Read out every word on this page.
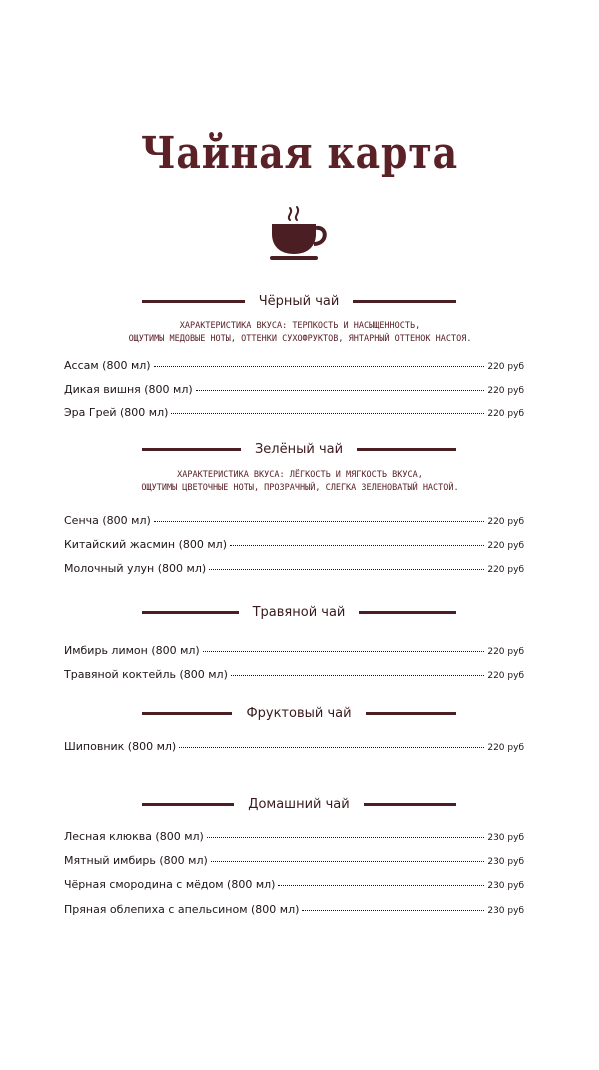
Чайная карта
Чёрный чай
ХАРАКТЕРИСТИКА ВКУСА: ТЕРПКОСТЬ И НАСЫЩЕННОСТЬ,
ОЩУТИМЫ МЕДОВЫЕ НОТЫ, ОТТЕНКИ СУХОФРУКТОВ, ЯНТАРНЫЙ ОТТЕНОК НАСТОЯ.
Ассам (800 мл)	220 руб
Дикая вишня (800 мл)	220 руб
Эра Грей (800 мл)	220 руб
Зелёный чай
ХАРАКТЕРИСТИКА ВКУСА: ЛЁГКОСТЬ И МЯГКОСТЬ ВКУСА,
ОЩУТИМЫ ЦВЕТОЧНЫЕ НОТЫ, ПРОЗРАЧНЫЙ, СЛЕГКА ЗЕЛЕНОВАТЫЙ НАСТОЙ.
Сенча (800 мл)	220 руб
Китайский жасмин (800 мл)	220 руб
Молочный улун (800 мл)	220 руб
Травяной чай
Имбирь лимон (800 мл)	220 руб
Травяной коктейль (800 мл)	220 руб
Фруктовый чай
Шиповник (800 мл)	220 руб
Домашний чай
Лесная клюква (800 мл)	230 руб
Мятный имбирь (800 мл)	230 руб
Чёрная смородина с мёдом (800 мл)	230 руб
Пряная облепиха с апельсином (800 мл)	230 руб
